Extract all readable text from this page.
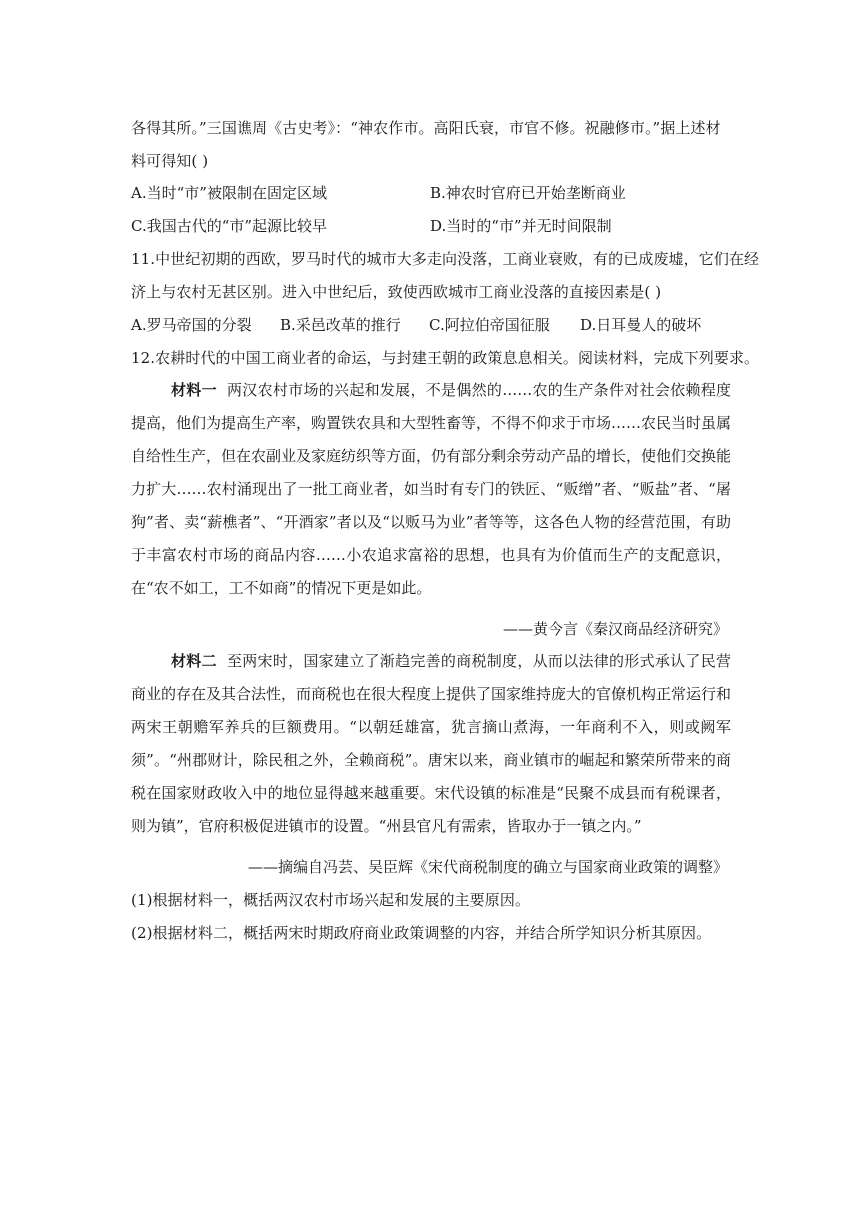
各得其所。”三国谯周《古史考》：“神农作市。高阳氏衰，市官不修。祝融修市。”据上述材
料可得知( )
A.当时“市”被限制在固定区域	B.神农时官府已开始垄断商业
C.我国古代的“市”起源比较早	D.当时的“市”并无时间限制
11.中世纪初期的西欧，罗马时代的城市大多走向没落，工商业衰败，有的已成废墟，它们在经
济上与农村无甚区别。进入中世纪后，致使西欧城市工商业没落的直接因素是( )
A.罗马帝国的分裂 B.采邑改革的推行 C.阿拉伯帝国征服 D.日耳曼人的破坏
12.农耕时代的中国工商业者的命运，与封建王朝的政策息息相关。阅读材料，完成下列要求。

材料一 两汉农村市场的兴起和发展，不是偶然的……农的生产条件对社会依赖程度提高，他们为提高生产率，购置铁农具和大型牲畜等，不得不仰求于市场……农民当时虽属自给性生产，但在农副业及家庭纺织等方面，仍有部分剩余劳动产品的增长，使他们交换能力扩大……农村涌现出了一批工商业者，如当时有专门的铁匠、“贩缯”者、“贩盐”者、“屠狗”者、卖“薪樵者”、“开酒家”者以及“以贩马为业”者等等，这各色人物的经营范围，有助于丰富农村市场的商品内容……小农追求富裕的思想，也具有为价值而生产的支配意识，在“农不如工，工不如商”的情况下更是如此。

——黄今言《秦汉商品经济研究》

材料二 至两宋时，国家建立了渐趋完善的商税制度，从而以法律的形式承认了民营商业的存在及其合法性，而商税也在很大程度上提供了国家维持庞大的官僚机构正常运行和两宋王朝赡军养兵的巨额费用。“以朝廷雄富，犹言摘山煮海，一年商利不入，则或阙军须”。“州郡财计，除民租之外，全赖商税”。唐宋以来，商业镇市的崛起和繁荣所带来的商税在国家财政收入中的地位显得越来越重要。宋代设镇的标准是“民聚不成县而有税课者，则为镇”，官府积极促进镇市的设置。“州县官凡有需索，皆取办于一镇之内。”

——摘编自冯芸、吴臣辉《宋代商税制度的确立与国家商业政策的调整》
(1)根据材料一，概括两汉农村市场兴起和发展的主要原因。
(2)根据材料二，概括两宋时期政府商业政策调整的内容，并结合所学知识分析其原因。
